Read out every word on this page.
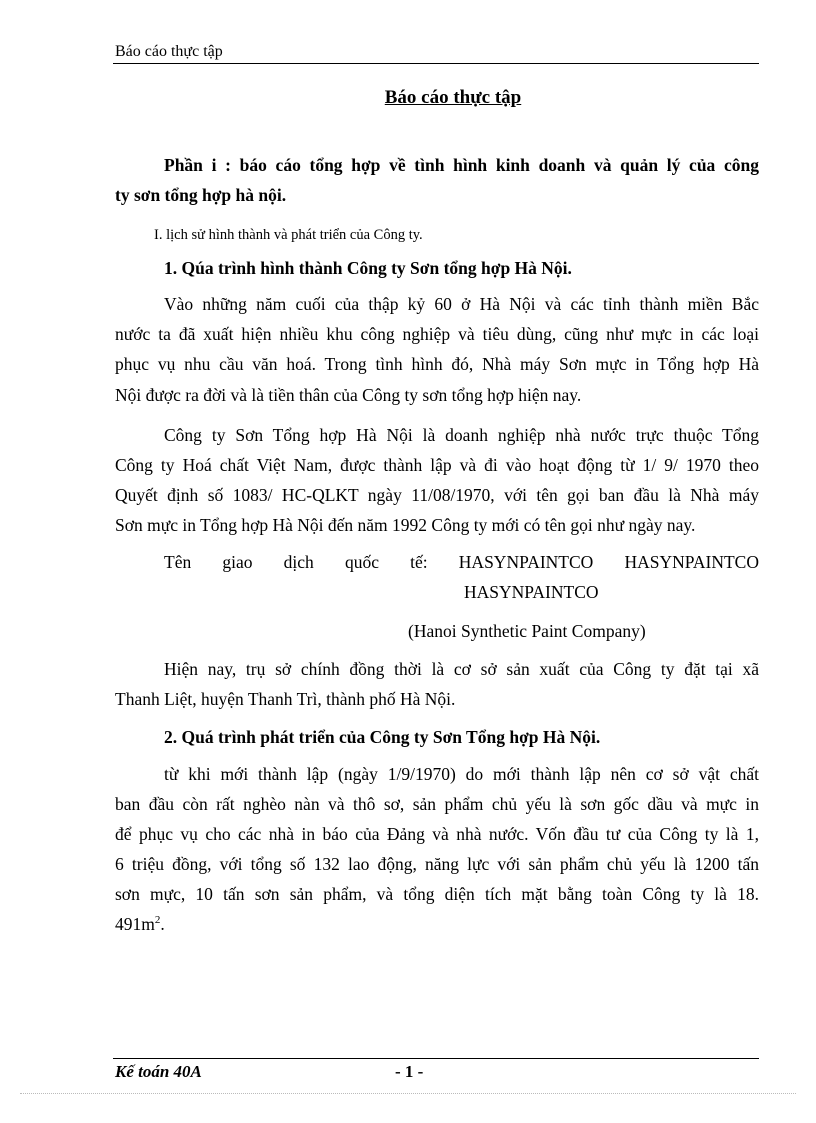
Báo cáo thực tập
Báo cáo thực tập
Phần i : báo cáo tổng hợp về tình hình kinh doanh và quản lý của công
ty sơn tổng hợp hà nội.
I. lịch sử hình thành và phát triển của Công ty.
1. Qúa trình hình thành Công ty Sơn tổng hợp Hà Nội.
Vào những năm cuối của thập kỷ 60 ở Hà Nội và các tỉnh thành miền Bắc
nước ta đã xuất hiện nhiều khu công nghiệp và tiêu dùng, cũng như mực in các loại
phục vụ nhu cầu văn hoá. Trong tình hình đó, Nhà máy Sơn mực in Tổng hợp Hà
Nội được ra đời và là tiền thân của Công ty sơn tổng hợp hiện nay.
Công ty Sơn Tổng hợp Hà Nội là doanh nghiệp nhà nước trực thuộc Tổng
Công ty Hoá chất Việt Nam, được thành lập và đi vào hoạt động từ 1/ 9/ 1970 theo
Quyết định số 1083/ HC-QLKT ngày 11/08/1970, với tên gọi ban đầu là Nhà máy
Sơn mực in Tổng hợp Hà Nội đến năm 1992 Công ty mới có tên gọi như ngày nay.
Tên giao dịch quốc tế: HASYNPAINTCO HASYNPAINTCO
HASYNPAINTCO
(Hanoi Synthetic Paint Company)
Hiện nay, trụ sở chính đồng thời là cơ sở sản xuất của Công ty đặt tại xã
Thanh Liệt, huyện Thanh Trì, thành phố Hà Nội.
2. Quá trình phát triển của Công ty Sơn Tổng hợp Hà Nội.
từ khi mới thành lập (ngày 1/9/1970) do mới thành lập nên cơ sở vật chất
ban đầu còn rất nghèo nàn và thô sơ, sản phẩm chủ yếu là sơn gốc dầu và mực in
để phục vụ cho các nhà in báo của Đảng và nhà nước. Vốn đầu tư của Công ty là 1,
6 triệu đồng, với tổng số 132 lao động, năng lực với sản phẩm chủ yếu là 1200 tấn
sơn mực, 10 tấn sơn sản phẩm, và tổng diện tích mặt bằng toàn Công ty là 18.
$491m^2$.
Kế toán 40A	- 1 -
